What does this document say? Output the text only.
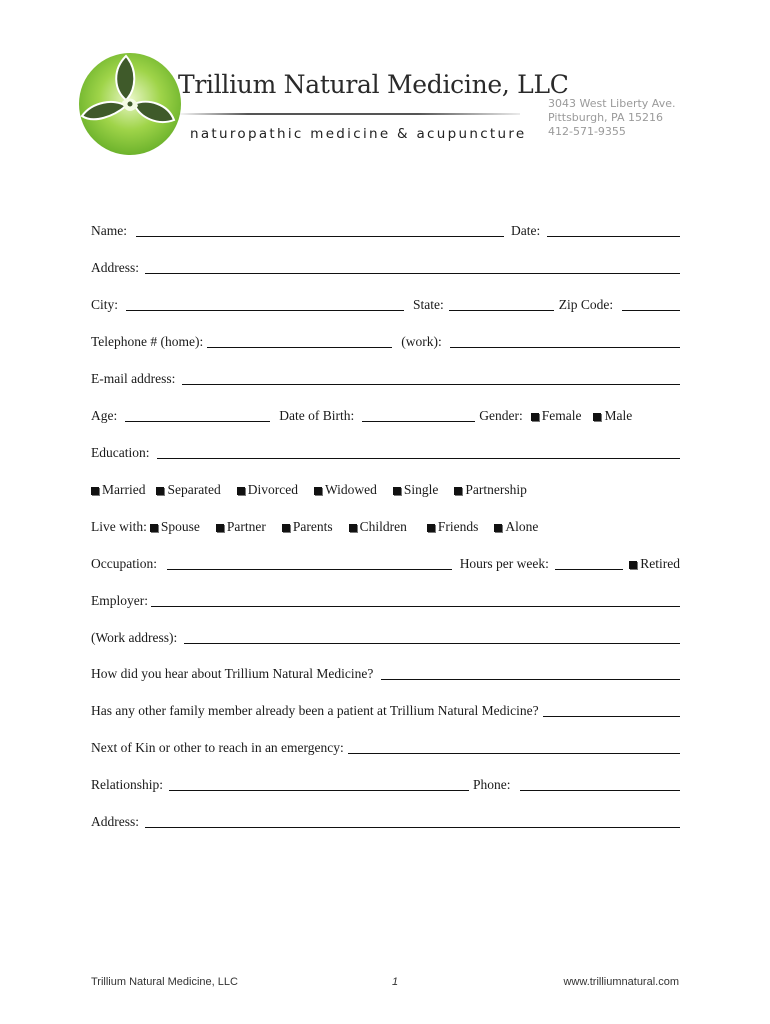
Trillium Natural Medicine, LLC
naturopathic medicine & acupuncture
3043 West Liberty Ave.
Pittsburgh, PA 15216
412-571-9355
Name:	Date:
Address:
City:	State:	Zip Code:
Telephone # (home):	(work):
E-mail address:
Age:	Date of Birth:	Gender: Female Male
Education:
Married Separated Divorced Widowed Single Partnership
Live with: Spouse Partner Parents Children Friends Alone
Occupation:	Hours per week:	Retired
Employer:
(Work address):
How did you hear about Trillium Natural Medicine?
Has any other family member already been a patient at Trillium Natural Medicine?
Next of Kin or other to reach in an emergency:
Relationship:	Phone:
Address:
Trillium Natural Medicine, LLC	1	www.trilliumnatural.com
